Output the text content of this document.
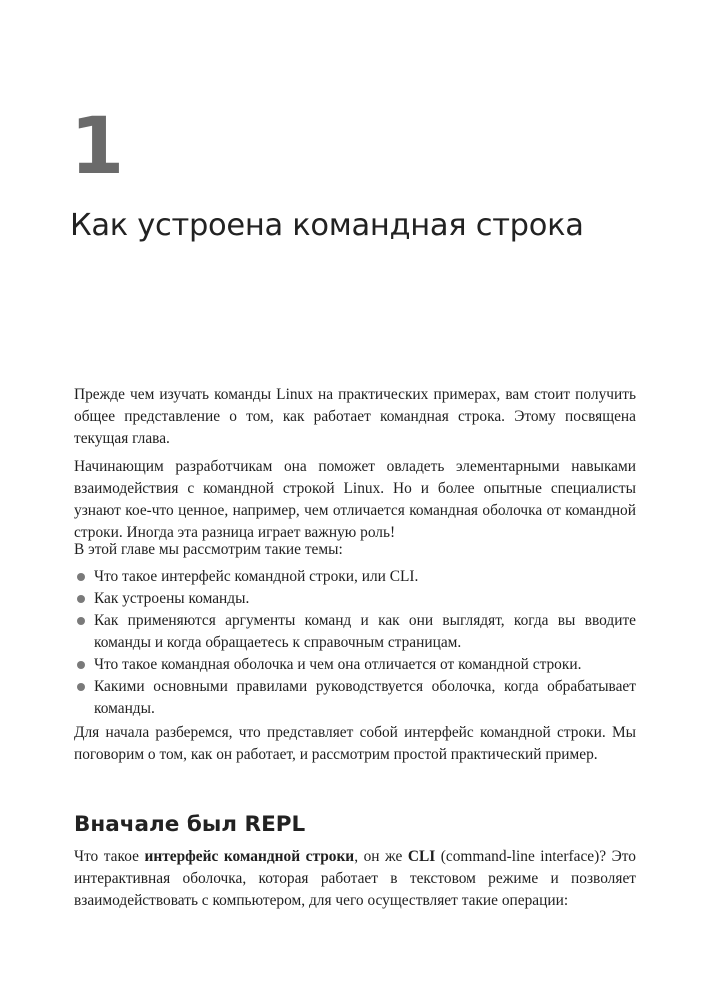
1
Как устроена командная строка

Прежде чем изучать команды Linux на практических примерах, вам стоит получить общее представление о том, как работает командная строка. Этому посвящена текущая глава.

Начинающим разработчикам она поможет овладеть элементарными навыками взаимодействия с командной строкой Linux. Но и более опытные специалисты узнают кое-что ценное, например, чем отличается командная оболочка от командной строки. Иногда эта разница играет важную роль!

В этой главе мы рассмотрим такие темы:

Что такое интерфейс командной строки, или CLI.
Как устроены команды.
Как применяются аргументы команд и как они выглядят, когда вы вводите команды и когда обращаетесь к справочным страницам.
Что такое командная оболочка и чем она отличается от командной строки.
Какими основными правилами руководствуется оболочка, когда обрабатывает команды.

Для начала разберемся, что представляет собой интерфейс командной строки. Мы поговорим о том, как он работает, и рассмотрим простой практический пример.

Вначале был REPL

Что такое интерфейс командной строки, он же CLI (command-line interface)? Это интерактивная оболочка, которая работает в текстовом режиме и позволяет взаимодействовать с компьютером, для чего осуществляет такие операции:
